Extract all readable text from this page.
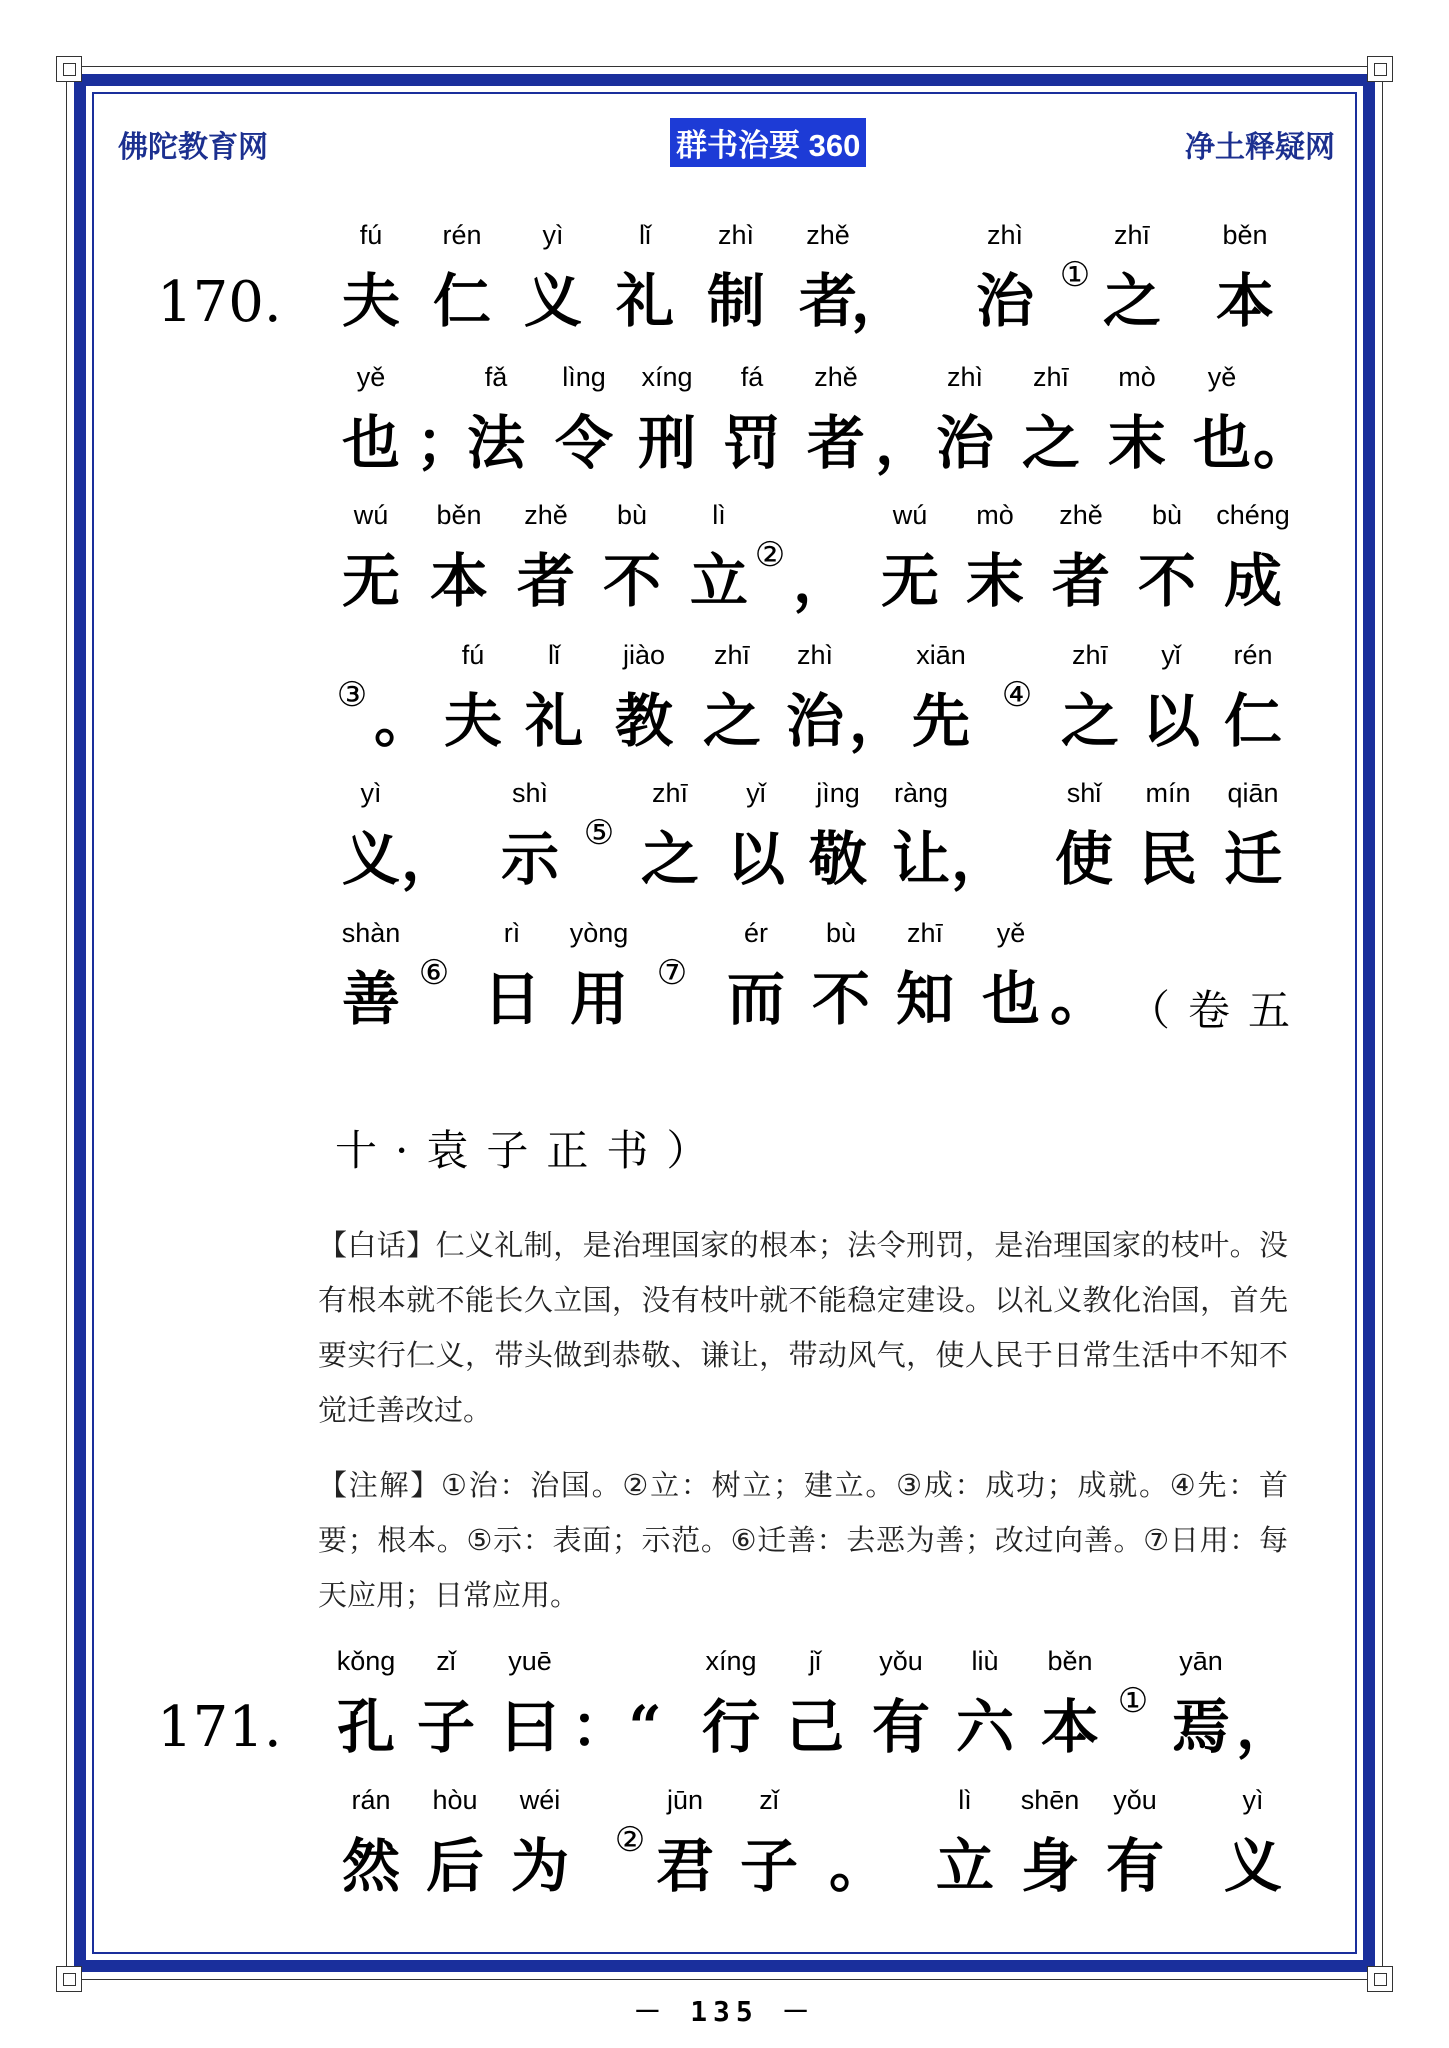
佛陀教育网	群书治要 360	净土释疑网
170.
fú
夫
rén
仁
yì
义
lǐ
礼
zhì
制
zhě
者
，
zhì
治 ①
zhī
之
běn
本
yě
也 ；
fǎ
法
lìng
令
xíng
刑
fá
罚
zhě
者 ，
zhì
治
zhī
之
mò
末
yě
也 。
wú
无
běn
本
zhě
者
bù
不
lì
立 ② ，
wú
无
mò
末
zhě
者
bù
不
chéng
成
③ 。
fú
夫
lǐ
礼
jiào
教
zhī
之
zhì
治 ，
xiān
先 ④
zhī
之
yǐ
以
rén
仁
yì
义 ，
shì
示 ⑤
zhī
之
yǐ
以
jìng
敬
ràng
让 ，
shǐ
使
mín
民
qiān
迁
shàn
善 ⑥
rì
日
yòng
用 ⑦
ér
而
bù
不
zhī
知
yě
也 。 （卷五
十·袁子正书）

【白话】仁义礼制，是治理国家的根本；法令刑罚，是治理国家的枝叶。没有根本就不能长久立国，没有枝叶就不能稳定建设。以礼义教化治国，首先要实行仁义，带头做到恭敬、谦让，带动风气，使人民于日常生活中不知不觉迁善改过。

【注解】①治：治国。②立：树立；建立。③成：成功；成就。④先：首要；根本。⑤示：表面；示范。⑥迁善：去恶为善；改过向善。⑦日用：每天应用；日常应用。

171.
kǒng
孔
zǐ
子
yuē
曰 ： “
xíng
行
jǐ
己
yǒu
有
liù
六
běn
本 ①
yān
焉 ，
rán
然
hòu
后
wéi
为 ②
jūn
君
zǐ
子 。
lì
立
shēn
身
yǒu
有
yì
义
－ 135 －
